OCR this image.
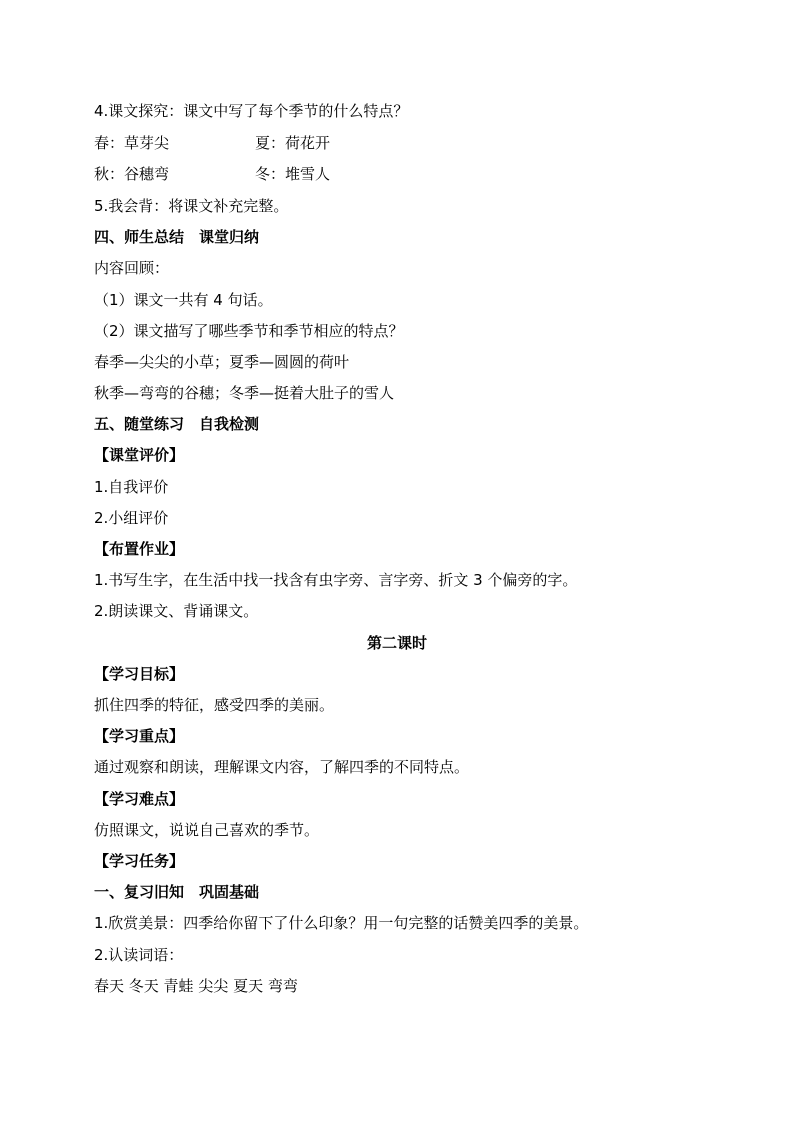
4.课文探究：课文中写了每个季节的什么特点？
春：草芽尖	夏：荷花开
秋：谷穗弯	冬：堆雪人
5.我会背：将课文补充完整。
四、师生总结　课堂归纳
内容回顾：
（1）课文一共有 4 句话。
（2）课文描写了哪些季节和季节相应的特点？
春季—尖尖的小草；夏季—圆圆的荷叶
秋季—弯弯的谷穗；冬季—挺着大肚子的雪人
五、随堂练习　自我检测
【课堂评价】
1.自我评价
2.小组评价
【布置作业】
1.书写生字，在生活中找一找含有虫字旁、言字旁、折文 3 个偏旁的字。
2.朗读课文、背诵课文。
第二课时
【学习目标】
抓住四季的特征，感受四季的美丽。
【学习重点】
通过观察和朗读，理解课文内容，了解四季的不同特点。
【学习难点】
仿照课文，说说自己喜欢的季节。
【学习任务】
一、复习旧知　巩固基础
1.欣赏美景：四季给你留下了什么印象？用一句完整的话赞美四季的美景。
2.认读词语：
春天 冬天 青蛙 尖尖 夏天 弯弯
